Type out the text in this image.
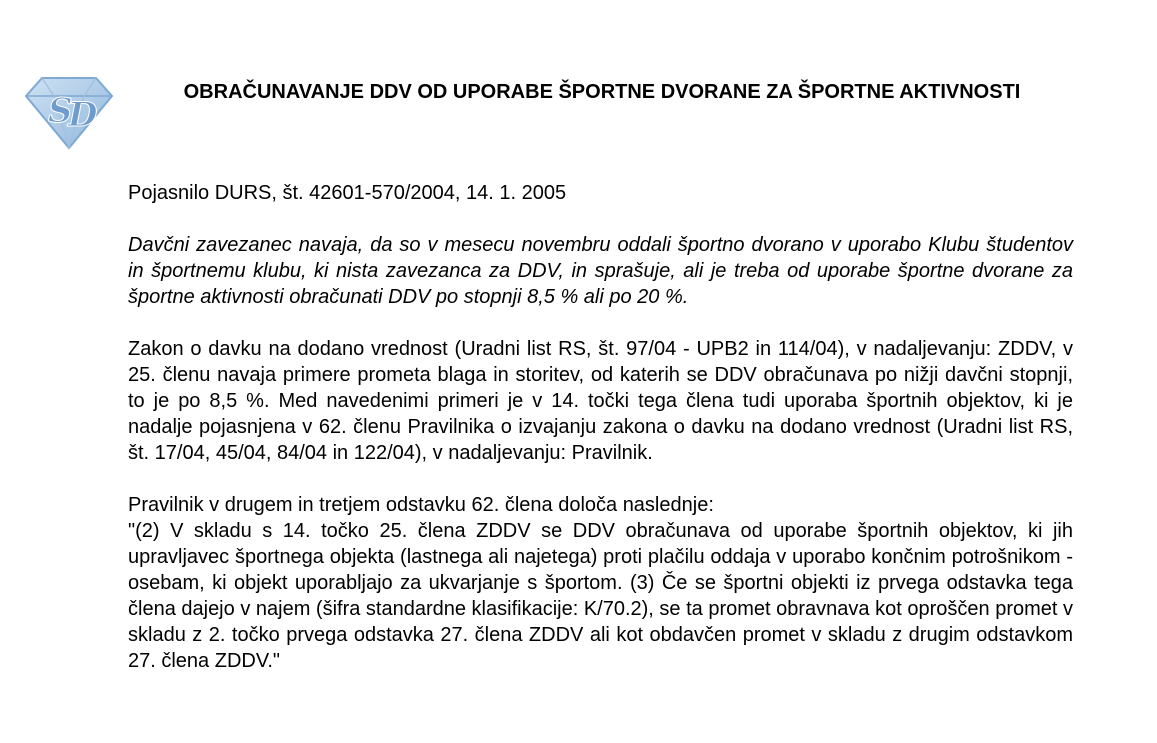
S
D
OBRAČUNAVANJE DDV OD UPORABE ŠPORTNE DVORANE ZA ŠPORTNE AKTIVNOSTI

Pojasnilo DURS, št. 42601-570/2004, 14. 1. 2005

Davčni zavezanec navaja, da so v mesecu novembru oddali športno dvorano v uporabo Klubu študentov in športnemu klubu, ki nista zavezanca za DDV, in sprašuje, ali je treba od uporabe športne dvorane za športne aktivnosti obračunati DDV po stopnji 8,5 % ali po 20 %.

Zakon o davku na dodano vrednost (Uradni list RS, št. 97/04 - UPB2 in 114/04), v nadaljevanju: ZDDV, v 25. členu navaja primere prometa blaga in storitev, od katerih se DDV obračunava po nižji davčni stopnji, to je po 8,5 %. Med navedenimi primeri je v 14. točki tega člena tudi uporaba športnih objektov, ki je nadalje pojasnjena v 62. členu Pravilnika o izvajanju zakona o davku na dodano vrednost (Uradni list RS, št. 17/04, 45/04, 84/04 in 122/04), v nadaljevanju: Pravilnik.

Pravilnik v drugem in tretjem odstavku 62. člena določa naslednje:

"(2) V skladu s 14. točko 25. člena ZDDV se DDV obračunava od uporabe športnih objektov, ki jih upravljavec športnega objekta (lastnega ali najetega) proti plačilu oddaja v uporabo končnim potrošnikom - osebam, ki objekt uporabljajo za ukvarjanje s športom. (3) Če se športni objekti iz prvega odstavka tega člena dajejo v najem (šifra standardne klasifikacije: K/70.2), se ta promet obravnava kot oproščen promet v skladu z 2. točko prvega odstavka 27. člena ZDDV ali kot obdavčen promet v skladu z drugim odstavkom 27. člena ZDDV."
